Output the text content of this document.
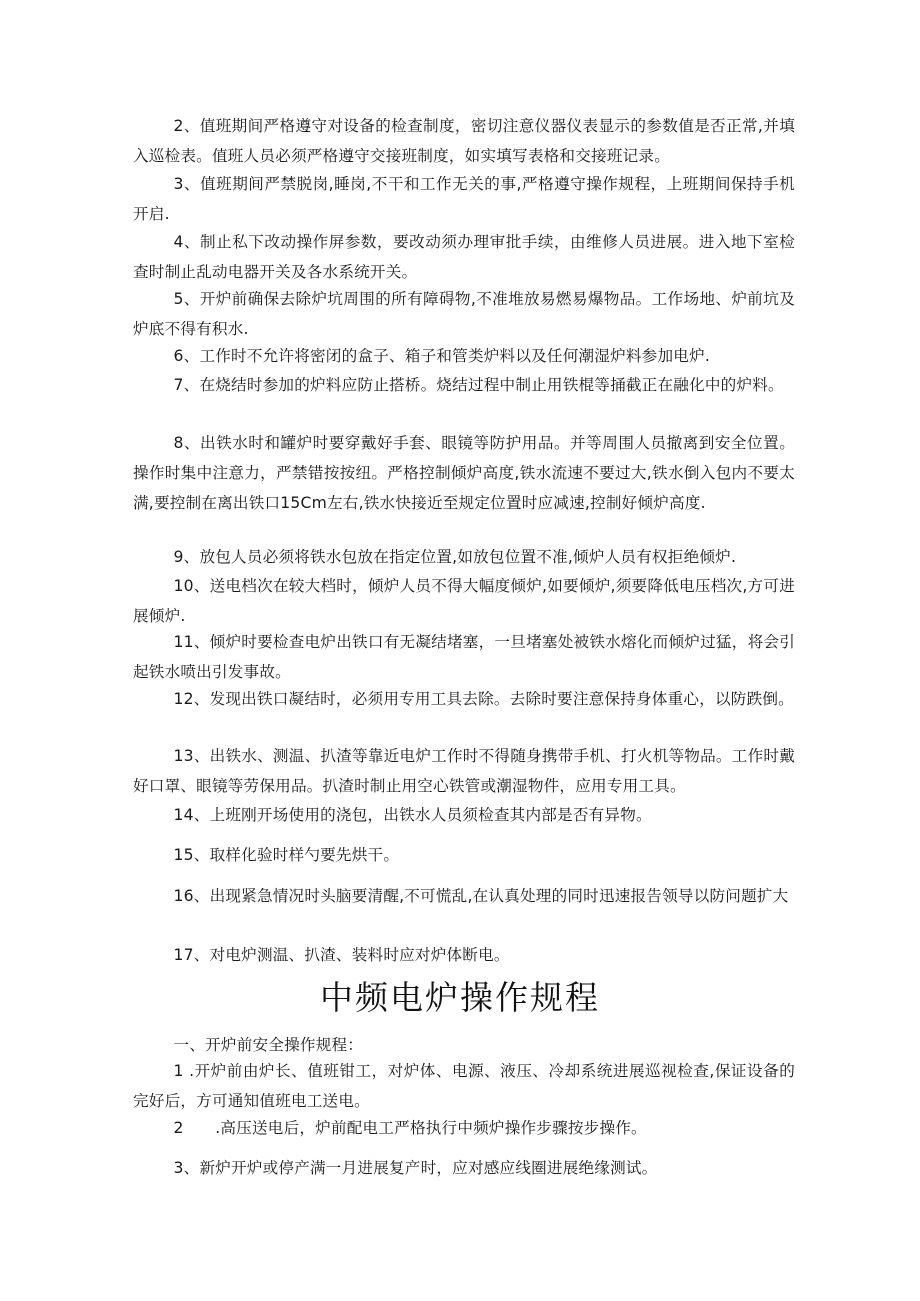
2、值班期间严格遵守对设备的检查制度，密切注意仪器仪表显示的参数值是否正常,并填入巡检表。值班人员必须严格遵守交接班制度，如实填写表格和交接班记录。

3、值班期间严禁脱岗,睡岗,不干和工作无关的事,严格遵守操作规程，上班期间保持手机开启.

4、制止私下改动操作屏参数，要改动须办理审批手续，由维修人员进展。进入地下室检查时制止乱动电器开关及各水系统开关。

5、开炉前确保去除炉坑周围的所有障碍物,不准堆放易燃易爆物品。工作场地、炉前坑及炉底不得有积水.

6、工作时不允许将密闭的盒子、箱子和管类炉料以及任何潮湿炉料参加电炉.

7、在烧结时参加的炉料应防止搭桥。烧结过程中制止用铁棍等捅截正在融化中的炉料。

8、出铁水时和罐炉时要穿戴好手套、眼镜等防护用品。并等周围人员撤离到安全位置。操作时集中注意力，严禁错按按纽。严格控制倾炉高度,铁水流速不要过大,铁水倒入包内不要太满,要控制在离出铁口15Cm左右,铁水快接近至规定位置时应减速,控制好倾炉高度.

9、放包人员必须将铁水包放在指定位置,如放包位置不准,倾炉人员有权拒绝倾炉.

10、送电档次在较大档时，倾炉人员不得大幅度倾炉,如要倾炉,须要降低电压档次,方可进展倾炉.

11、倾炉时要检查电炉出铁口有无凝结堵塞，一旦堵塞处被铁水熔化而倾炉过猛，将会引起铁水喷出引发事故。

12、发现出铁口凝结时，必须用专用工具去除。去除时要注意保持身体重心，以防跌倒。

13、出铁水、测温、扒渣等靠近电炉工作时不得随身携带手机、打火机等物品。工作时戴好口罩、眼镜等劳保用品。扒渣时制止用空心铁管或潮湿物件，应用专用工具。

14、上班刚开场使用的浇包，出铁水人员须检查其内部是否有异物。

15、取样化验时样勺要先烘干。

16、出现紧急情况时头脑要清醒,不可慌乱,在认真处理的同时迅速报告领导以防问题扩大

17、对电炉测温、扒渣、装料时应对炉体断电。

中频电炉操作规程

一、开炉前安全操作规程：

1 .开炉前由炉长、值班钳工，对炉体、电源、液压、冷却系统进展巡视检查,保证设备的完好后，方可通知值班电工送电。

2　　.高压送电后，炉前配电工严格执行中频炉操作步骤按步操作。

3、新炉开炉或停产满一月进展复产时，应对感应线圈进展绝缘测试。
